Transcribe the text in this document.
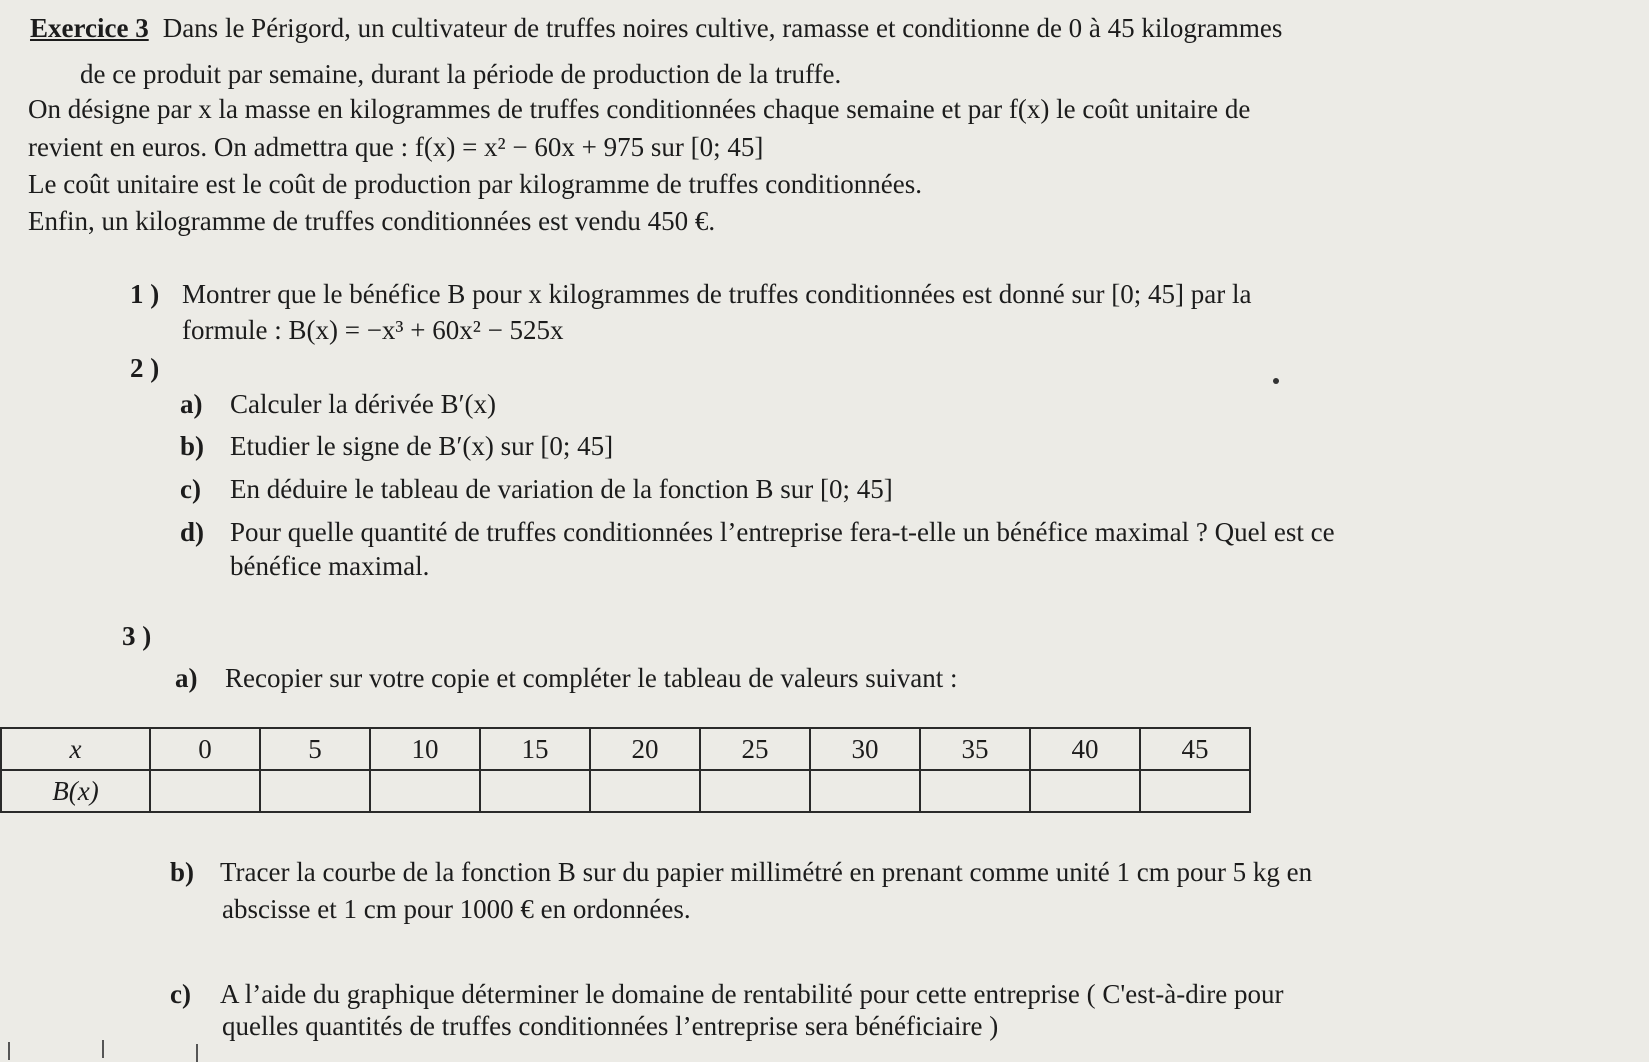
Exercice 3 Dans le Périgord, un cultivateur de truffes noires cultive, ramasse et conditionne de 0 à 45 kilogrammes
de ce produit par semaine, durant la période de production de la truffe.
On désigne par x la masse en kilogrammes de truffes conditionnées chaque semaine et par f(x) le coût unitaire de
revient en euros. On admettra que : f(x) = x² − 60x + 975 sur [0; 45]
Le coût unitaire est le coût de production par kilogramme de truffes conditionnées.
Enfin, un kilogramme de truffes conditionnées est vendu 450 €.
1 ) Montrer que le bénéfice B pour x kilogrammes de truffes conditionnées est donné sur [0; 45] par la
formule : B(x) = −x³ + 60x² − 525x
2 )
a) Calculer la dérivée B′(x)
b) Etudier le signe de B′(x) sur [0; 45]
c) En déduire le tableau de variation de la fonction B sur [0; 45]
d) Pour quelle quantité de truffes conditionnées l’entreprise fera-t-elle un bénéfice maximal ? Quel est ce
bénéfice maximal.
3 )
a) Recopier sur votre copie et compléter le tableau de valeurs suivant :
x	0	5	10	15	20	25	30	35	40	45
B(x)										
b) Tracer la courbe de la fonction B sur du papier millimétré en prenant comme unité 1 cm pour 5 kg en
abscisse et 1 cm pour 1000 € en ordonnées.
c) A l’aide du graphique déterminer le domaine de rentabilité pour cette entreprise ( C'est-à-dire pour
quelles quantités de truffes conditionnées l’entreprise sera bénéficiaire )
